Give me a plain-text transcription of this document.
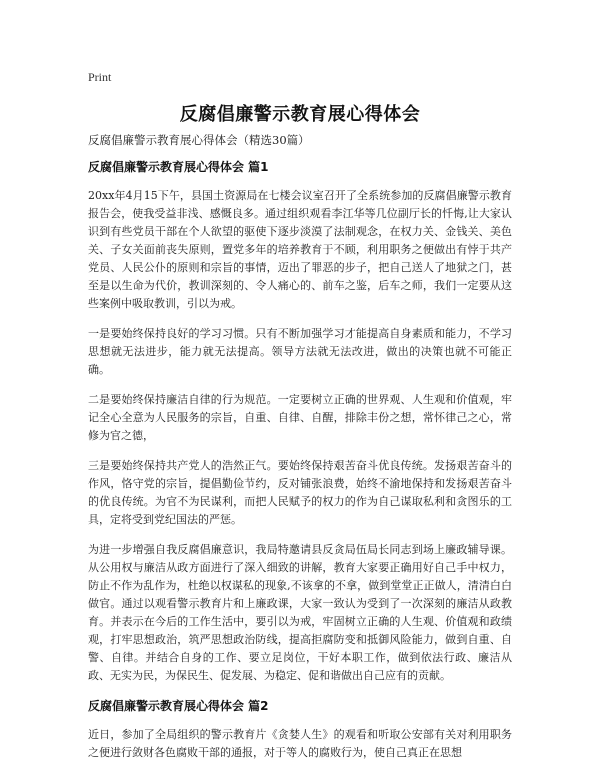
Print
反腐倡廉警示教育展心得体会
反腐倡廉警示教育展心得体会（精选30篇）
反腐倡廉警示教育展心得体会 篇1

20xx年4月15下午，县国土资源局在七楼会议室召开了全系统参加的反腐倡廉警示教育报告会，使我受益非浅、感慨良多。通过组织观看李江华等几位副厅长的忏悔,让大家认识到有些党员干部在个人欲望的驱使下逐步淡漠了法制观念，在权力关、金钱关、美色关、子女关面前丧失原则，置党多年的培养教育于不顾，利用职务之便做出有悖于共产党员、人民公仆的原则和宗旨的事情，迈出了罪恶的步子，把自己送人了地狱之门，甚至是以生命为代价，教训深刻的、令人痛心的、前车之鉴，后车之师，我们一定要从这些案例中吸取教训，引以为戒。

一是要始终保持良好的学习习惯。只有不断加强学习才能提高自身素质和能力，不学习思想就无法进步，能力就无法提高。领导方法就无法改进，做出的决策也就不可能正确。

二是要始终保持廉洁自律的行为规范。一定要树立正确的世界观、人生观和价值观，牢记全心全意为人民服务的宗旨，自重、自律、自醒，排除丰份之想，常怀律己之心，常修为官之德，

三是要始终保持共产党人的浩然正气。要始终保持艰苦奋斗优良传统。发扬艰苦奋斗的作风，恪守党的宗旨，提倡勤俭节约，反对铺张浪费，始终不渝地保持和发扬艰苦奋斗的优良传统。为官不为民谋利，而把人民赋予的权力的作为自己谋取私利和贪图乐的工具，定将受到党纪国法的严惩。

为进一步增强自我反腐倡廉意识，我局特邀请县反贪局伍局长同志到场上廉政辅导课。从公用权与廉洁从政方面进行了深入细致的讲解，教育大家要正确用好自己手中权力，防止不作为乱作为，杜绝以权谋私的现象,不该拿的不拿，做到堂堂正正做人，清清白白做官。通过以观看警示教育片和上廉政课，大家一致认为受到了一次深刻的廉洁从政教育。并表示在今后的工作生活中，要引以为戒，牢固树立正确的人生观、价值观和政绩观，打牢思想政治，筑严思想政治防线，提高拒腐防变和抵御风险能力，做到自重、自警、自律。并结合自身的工作、要立足岗位，干好本职工作，做到依法行政、廉洁从政、无实为民，为保民生、促发展、为稳定、促和谐做出自己应有的贡献。

反腐倡廉警示教育展心得体会 篇2

近日，参加了全局组织的警示教育片《贪婪人生》的观看和听取公安部有关对利用职务之便进行敛财各色腐败干部的通报，对于等人的腐败行为，使自己真正在思想
